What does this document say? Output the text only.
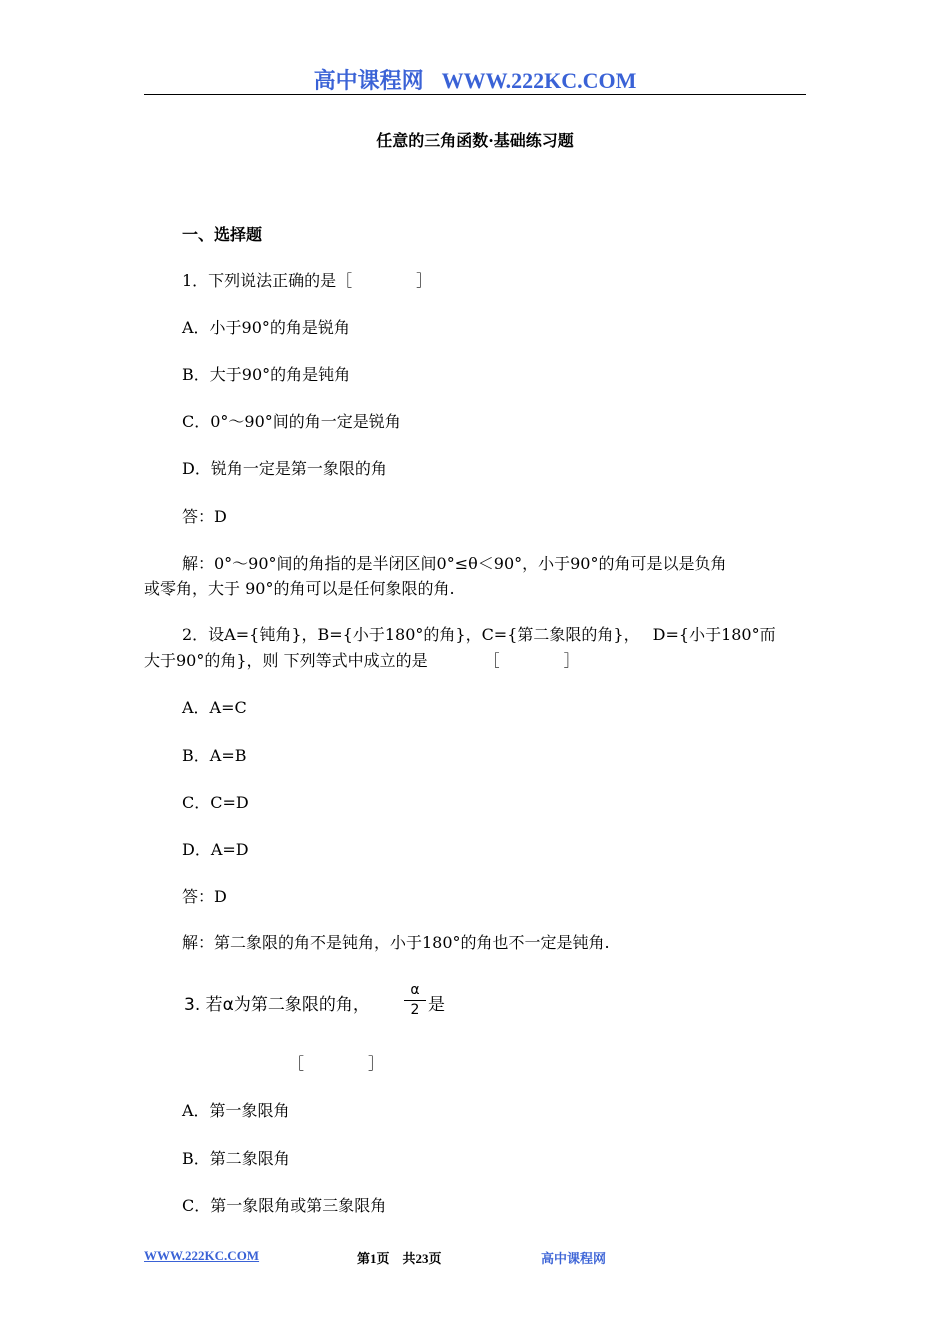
高中课程网 WWW.222KC.COM
任意的三角函数·基础练习题
一、选择题
1．下列说法正确的是［　　　　］
A．小于90°的角是锐角
B．大于90°的角是钝角
C．0°～90°间的角一定是锐角
D．锐角一定是第一象限的角
答：D
解：0°～90°间的角指的是半闭区间0°≤θ＜90°，小于90°的角可是以是负角
或零角，大于 90°的角可以是任何象限的角.
2．设A={钝角}，B={小于180°的角}，C={第二象限的角}，　 D={小于180°而
大于90°的角}，则 下列等式中成立的是　　　　［　　　　］
A．A=C
B．A=B
C．C=D
D．A=D
答：D
解：第二象限的角不是钝角，小于180°的角也不一定是钝角.
3. 若α为第二象限的角，
α
2 是
［　　　　］
A．第一象限角
B．第二象限角
C．第一象限角或第三象限角
WWW.222KC.COM	第1页　共23页	高中课程网
